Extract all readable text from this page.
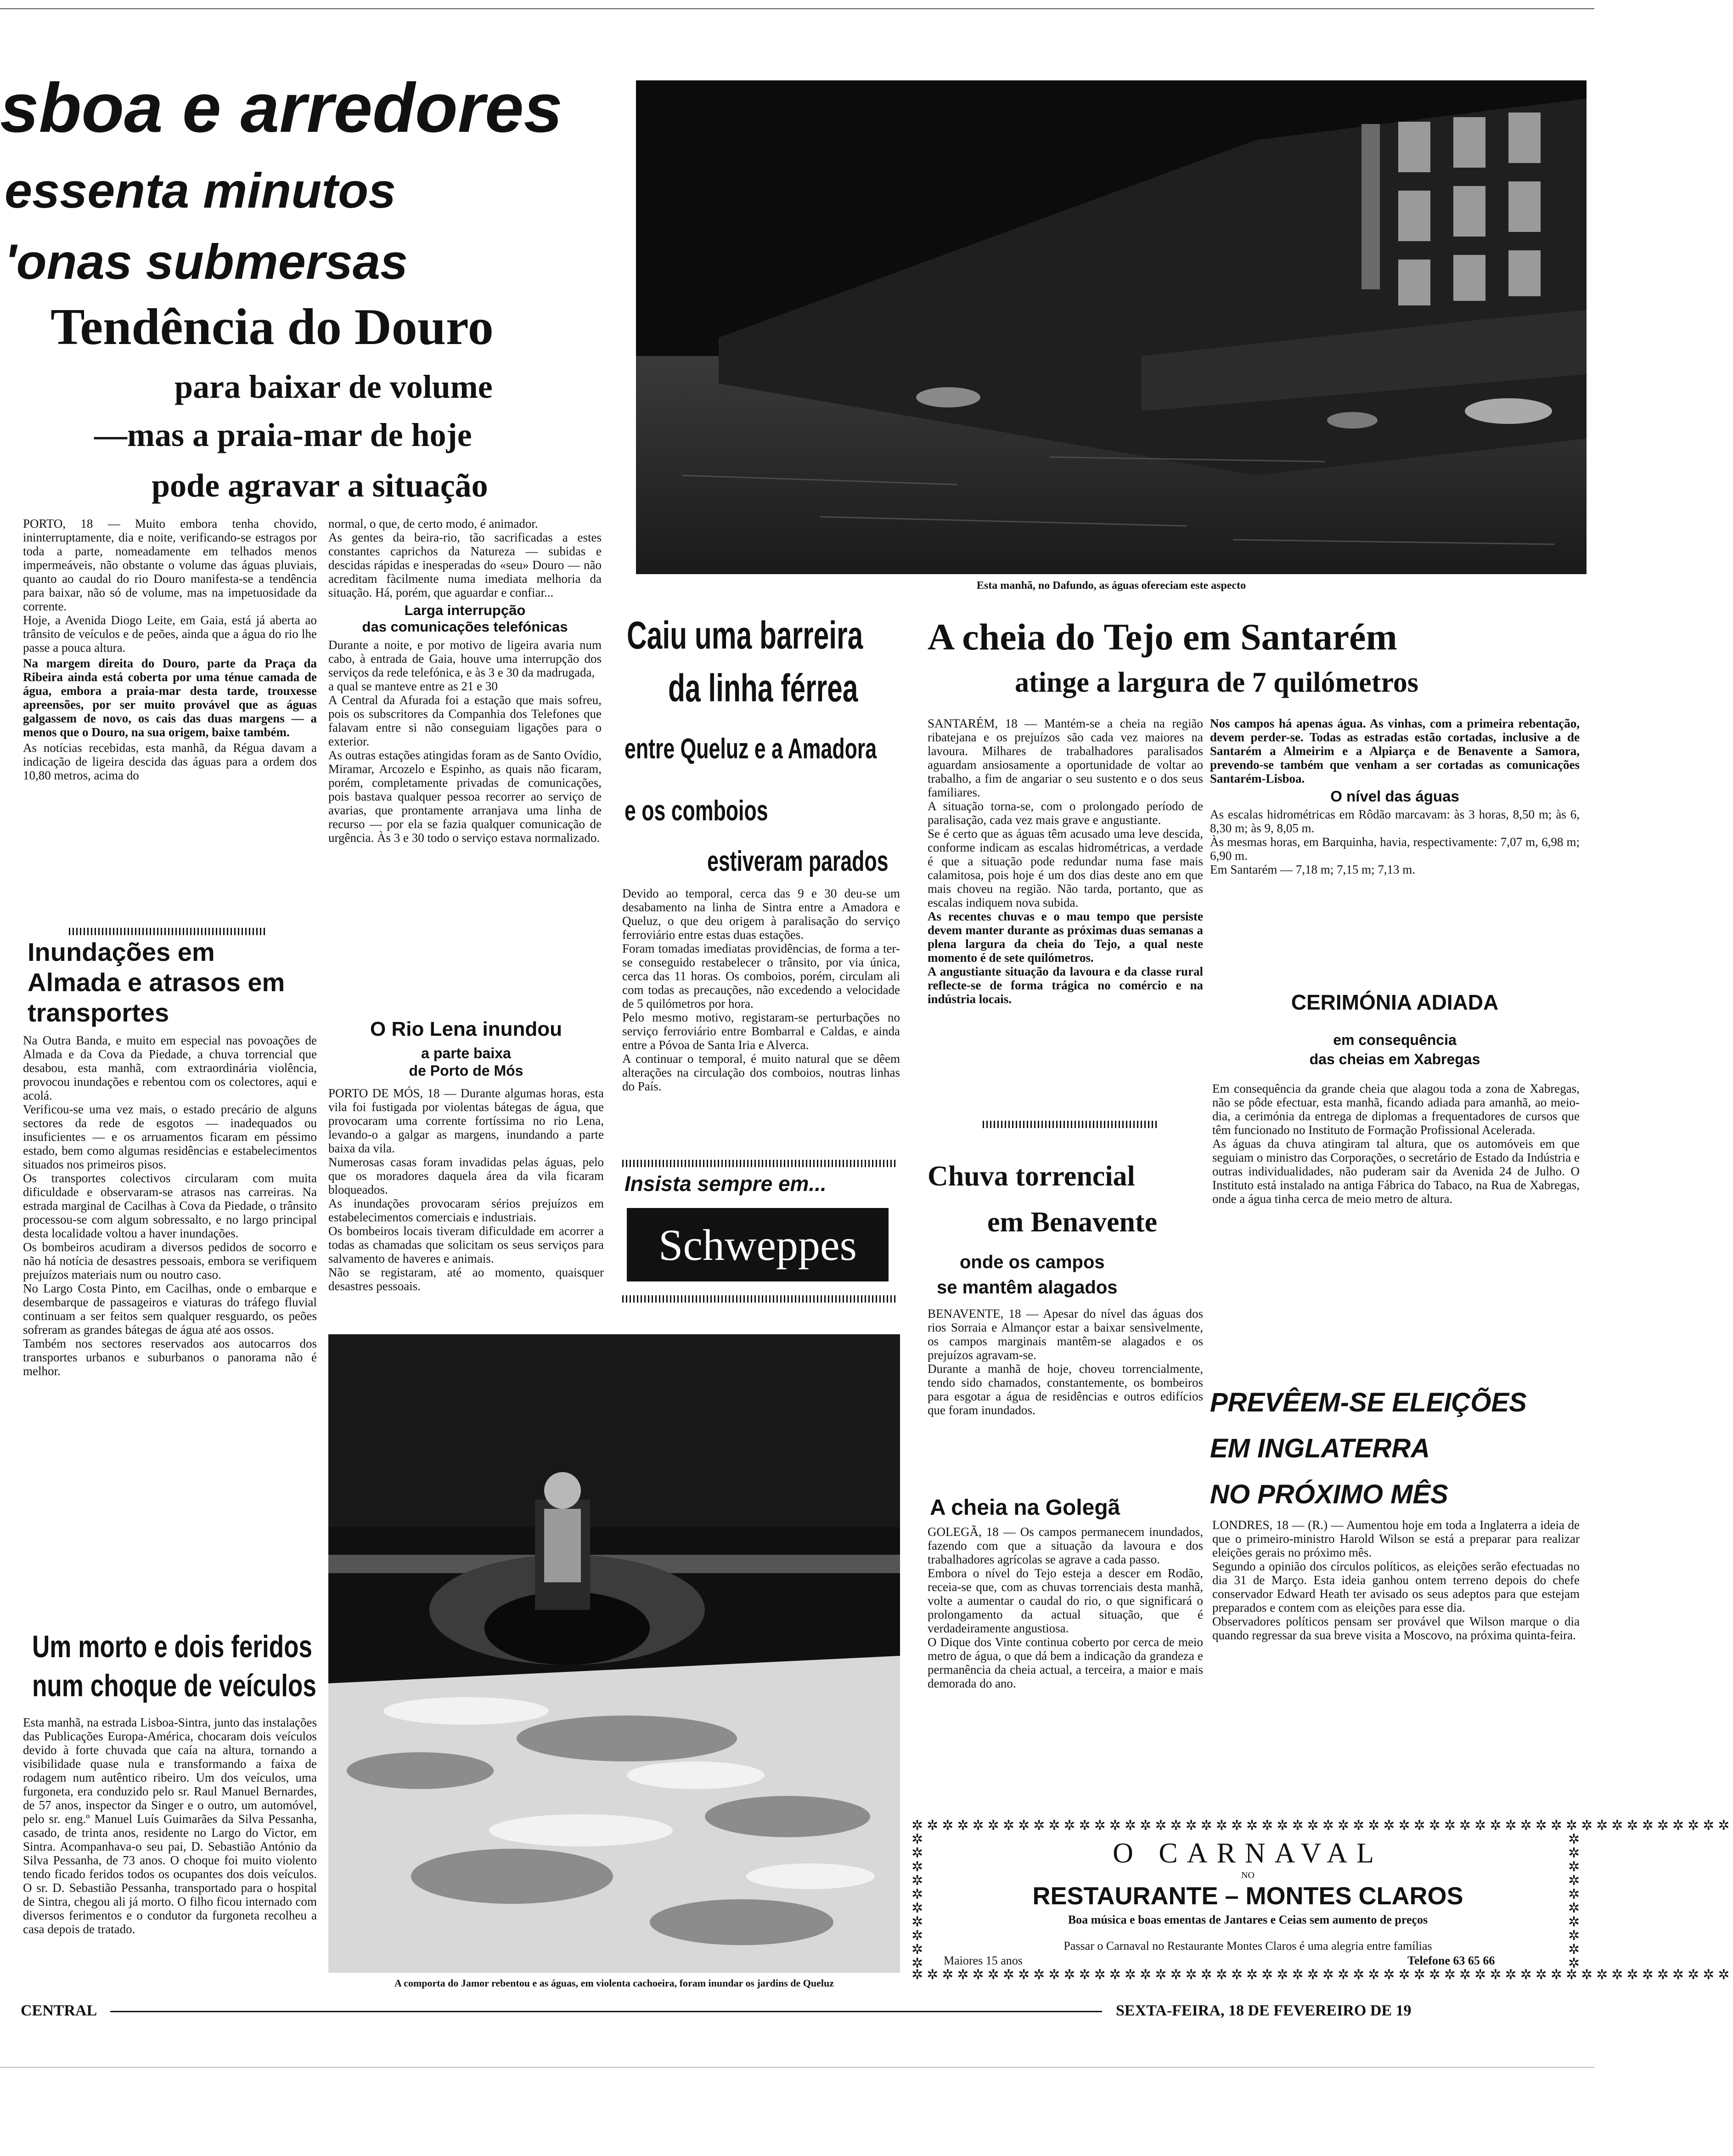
sboa e arredores
essenta minutos
'onas submersas
Tendência do Douro
para baixar de volume
—mas a praia-mar de hoje
pode agravar a situação

PORTO, 18 — Muito embora tenha chovido, ininterruptamente, dia e noite, verificando-se estragos por toda a parte, nomeadamente em telhados menos impermeáveis, não obstante o volume das águas pluviais, quanto ao caudal do rio Douro manifesta-se a tendência para baixar, não só de volume, mas na impetuosidade da corrente.
Hoje, a Avenida Diogo Leite, em Gaia, está já aberta ao trânsito de veículos e de peões, ainda que a água do rio lhe passe a pouca altura.

Na margem direita do Douro, parte da Praça da Ribeira ainda está coberta por uma ténue camada de água, embora a praia-mar desta tarde, trouxesse apreensões, por ser muito provável que as águas galgassem de novo, os cais das duas margens — a menos que o Douro, na sua origem, baixe também.

As notícias recebidas, esta manhã, da Régua davam a indicação de ligeira descida das águas para a ordem dos 10,80 metros, acima do

normal, o que, de certo modo, é animador.
As gentes da beira-rio, tão sacrificadas a estes constantes caprichos da Natureza — subidas e descidas rápidas e inesperadas do «seu» Douro — não acreditam fàcilmente numa imediata melhoria da situação. Há, porém, que aguardar e confiar...

Larga interrupção
das comunicações telefónicas

Durante a noite, e por motivo de ligeira avaria num cabo, à entrada de Gaia, houve uma interrupção dos serviços da rede telefónica, e às 3 e 30 da madrugada,
a qual se manteve entre as 21 e 30
A Central da Afurada foi a estação que mais sofreu, pois os subscritores da Companhia dos Telefones que falavam entre si não conseguiam ligações para o exterior.
As outras estações atingidas foram as de Santo Ovídio, Miramar, Arcozelo e Espinho, as quais não ficaram, porém, completamente privadas de comunicações, pois bastava qualquer pessoa recorrer ao serviço de avarias, que prontamente arranjava uma linha de recurso — por ela se fazia qualquer comunicação de urgência. Às 3 e 30 todo o serviço estava normalizado.

Inundações em Almada e atrasos em transportes

Na Outra Banda, e muito em especial nas povoações de Almada e da Cova da Piedade, a chuva torrencial que desabou, esta manhã, com extraordinária violência, provocou inundações e rebentou com os colectores, aqui e acolá.
Verificou-se uma vez mais, o estado precário de alguns sectores da rede de esgotos — inadequados ou insuficientes — e os arruamentos ficaram em péssimo estado, bem como algumas residências e estabelecimentos situados nos primeiros pisos.
Os transportes colectivos circularam com muita dificuldade e observaram-se atrasos nas carreiras. Na estrada marginal de Cacilhas à Cova da Piedade, o trânsito processou-se com algum sobressalto, e no largo principal desta localidade voltou a haver inundações.
Os bombeiros acudiram a diversos pedidos de socorro e não há notícia de desastres pessoais, embora se verifiquem prejuízos materiais num ou noutro caso.
No Largo Costa Pinto, em Cacilhas, onde o embarque e desembarque de passageiros e viaturas do tráfego fluvial continuam a ser feitos sem qualquer resguardo, os peões sofreram as grandes bátegas de água até aos ossos.
Também nos sectores reservados aos autocarros dos transportes urbanos e suburbanos o panorama não é melhor.

Um morto e dois feridos
num choque de veículos

Esta manhã, na estrada Lisboa-Sintra, junto das instalações das Publicações Europa-América, chocaram dois veículos devido à forte chuvada que caía na altura, tornando a visibilidade quase nula e transformando a faixa de rodagem num autêntico ribeiro. Um dos veículos, uma furgoneta, era conduzido pelo sr. Raul Manuel Bernardes, de 57 anos, inspector da Singer e o outro, um automóvel, pelo sr. eng.º Manuel Luís Guimarães da Silva Pessanha, casado, de trinta anos, residente no Largo do Victor, em Sintra. Acompanhava-o seu pai, D. Sebastião António da Silva Pessanha, de 73 anos. O choque foi muito violento tendo ficado feridos todos os ocupantes dos dois veículos. O sr. D. Sebastião Pessanha, transportado para o hospital de Sintra, chegou ali já morto. O filho ficou internado com diversos ferimentos e o condutor da furgoneta recolheu a casa depois de tratado.

O Rio Lena inundou
a parte baixa
de Porto de Mós

PORTO DE MÓS, 18 — Durante algumas horas, esta vila foi fustigada por violentas bátegas de água, que provocaram uma corrente fortíssima no rio Lena, levando-o a galgar as margens, inundando a parte baixa da vila.
Numerosas casas foram invadidas pelas águas, pelo que os moradores daquela área da vila ficaram bloqueados.
As inundações provocaram sérios prejuízos em estabelecimentos comerciais e industriais.
Os bombeiros locais tiveram dificuldade em acorrer a todas as chamadas que solicitam os seus serviços para salvamento de haveres e animais.
Não se registaram, até ao momento, quaisquer desastres pessoais.

Esta manhã, no Dafundo, as águas ofereciam este aspecto
Caiu uma barreira
da linha férrea
entre Queluz e a Amadora
e os comboios
estiveram parados

Devido ao temporal, cerca das 9 e 30 deu-se um desabamento na linha de Sintra entre a Amadora e Queluz, o que deu origem à paralisação do serviço ferroviário entre estas duas estações.
Foram tomadas imediatas providências, de forma a ter-se conseguido restabelecer o trânsito, por via única, cerca das 11 horas. Os comboios, porém, circulam ali com todas as precauções, não excedendo a velocidade de 5 quilómetros por hora.
Pelo mesmo motivo, registaram-se perturbações no serviço ferroviário entre Bombarral e Caldas, e ainda entre a Póvoa de Santa Iria e Alverca.
A continuar o temporal, é muito natural que se dêem alterações na circulação dos comboios, noutras linhas do País.

Insista sempre em...
Schweppes
A comporta do Jamor rebentou e as águas, em violenta cachoeira, foram inundar os jardins de Queluz
A cheia do Tejo em Santarém
atinge a largura de 7 quilómetros

SANTARÉM, 18 — Mantém-se a cheia na região ribatejana e os prejuízos são cada vez maiores na lavoura. Milhares de trabalhadores paralisados aguardam ansiosamente a oportunidade de voltar ao trabalho, a fim de angariar o seu sustento e o dos seus familiares.
A situação torna-se, com o prolongado período de paralisação, cada vez mais grave e angustiante.
Se é certo que as águas têm acusado uma leve descida, conforme indicam as escalas hidrométricas, a verdade é que a situação pode redundar numa fase mais calamitosa, pois hoje é um dos dias deste ano em que mais choveu na região. Não tarda, portanto, que as escalas indiquem nova subida.

As recentes chuvas e o mau tempo que persiste devem manter durante as próximas duas semanas a plena largura da cheia do Tejo, a qual neste momento é de sete quilómetros.
A angustiante situação da lavoura e da classe rural reflecte-se de forma trágica no comércio e na indústria locais.

Nos campos há apenas água. As vinhas, com a primeira rebentação, devem perder-se. Todas as estradas estão cortadas, inclusive a de Santarém a Almeirim e a Alpiarça e de Benavente a Samora, prevendo-se também que venham a ser cortadas as comunicações Santarém-Lisboa.

O nível das águas

As escalas hidrométricas em Rôdão marcavam: às 3 horas, 8,50 m; às 6, 8,30 m; às 9, 8,05 m.
Às mesmas horas, em Barquinha, havia, respectivamente: 7,07 m, 6,98 m; 6,90 m.
Em Santarém — 7,18 m; 7,15 m; 7,13 m.

CERIMÓNIA ADIADA
em consequência
das cheias em Xabregas

Em consequência da grande cheia que alagou toda a zona de Xabregas, não se pôde efectuar, esta manhã, ficando adiada para amanhã, ao meio-dia, a cerimónia da entrega de diplomas a frequentadores de cursos que têm funcionado no Instituto de Formação Profissional Acelerada.
As águas da chuva atingiram tal altura, que os automóveis em que seguiam o ministro das Corporações, o secretário de Estado da Indústria e outras individualidades, não puderam sair da Avenida 24 de Julho. O Instituto está instalado na antiga Fábrica do Tabaco, na Rua de Xabregas, onde a água tinha cerca de meio metro de altura.

Chuva torrencial
em Benavente
onde os campos
se mantêm alagados

BENAVENTE, 18 — Apesar do nível das águas dos rios Sorraia e Almançor estar a baixar sensìvelmente, os campos marginais mantêm-se alagados e os prejuízos agravam-se.
Durante a manhã de hoje, choveu torrencialmente, tendo sido chamados, constantemente, os bombeiros para esgotar a água de residências e outros edifícios que foram inundados.

A cheia na Golegã

GOLEGÃ, 18 — Os campos permanecem inundados, fazendo com que a situação da lavoura e dos trabalhadores agrícolas se agrave a cada passo.
Embora o nível do Tejo esteja a descer em Rodão, receia-se que, com as chuvas torrenciais desta manhã, volte a aumentar o caudal do rio, o que significará o prolongamento da actual situação, que é verdadeiramente angustiosa.
O Dique dos Vinte continua coberto por cerca de meio metro de água, o que dá bem a indicação da grandeza e permanência da cheia actual, a terceira, a maior e mais demorada do ano.

PREVÊEM-SE ELEIÇÕES
EM INGLATERRA
NO PRÓXIMO MÊS

LONDRES, 18 — (R.) — Aumentou hoje em toda a Inglaterra a ideia de que o primeiro-ministro Harold Wilson se está a preparar para realizar eleições gerais no próximo mês.
Segundo a opinião dos círculos políticos, as eleições serão efectuadas no dia 31 de Março. Esta ideia ganhou ontem terreno depois do chefe conservador Edward Heath ter avisado os seus adeptos para que estejam preparados e contem com as eleições para esse dia.
Observadores políticos pensam ser provável que Wilson marque o dia quando regressar da sua breve visita a Moscovo, na próxima quinta-feira.

✲✲✲✲✲✲✲✲✲✲✲✲✲✲✲✲✲✲✲✲✲✲✲✲✲✲✲✲✲✲✲✲✲✲✲✲✲✲✲✲✲✲✲✲✲✲✲✲✲✲✲✲✲✲
✲✲✲✲✲✲✲✲✲✲✲✲✲✲✲✲✲✲✲✲✲✲✲✲✲✲✲✲✲✲✲✲✲✲✲✲✲✲✲✲✲✲✲✲✲✲✲✲✲✲✲✲✲✲
✲ ✲ ✲ ✲ ✲ ✲ ✲ ✲ ✲ ✲
✲ ✲ ✲ ✲ ✲ ✲ ✲ ✲ ✲ ✲
O CARNAVAL
NO
RESTAURANTE – MONTES CLAROS
Boa música e boas ementas de Jantares e Ceias sem aumento de preços
Passar o Carnaval no Restaurante Montes Claros é uma alegria entre famílias
Maiores 15 anos	Telefone 63 65 66
CENTRAL	SEXTA-FEIRA, 18 DE FEVEREIRO DE 19
